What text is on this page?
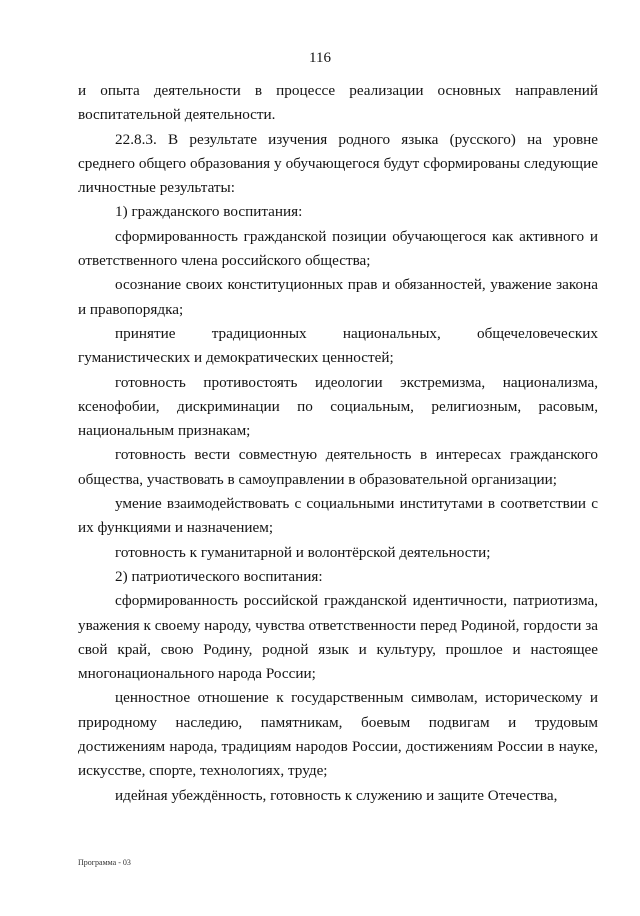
116

и опыта деятельности в процессе реализации основных направлений воспитательной деятельности.

22.8.3. В результате изучения родного языка (русского) на уровне среднего общего образования у обучающегося будут сформированы следующие личностные результаты:

1) гражданского воспитания:

сформированность гражданской позиции обучающегося как активного и ответственного члена российского общества;

осознание своих конституционных прав и обязанностей, уважение закона и правопорядка;

принятие традиционных национальных, общечеловеческих гуманистических и демократических ценностей;

готовность противостоять идеологии экстремизма, национализма, ксенофобии, дискриминации по социальным, религиозным, расовым, национальным признакам;

готовность вести совместную деятельность в интересах гражданского общества, участвовать в самоуправлении в образовательной организации;

умение взаимодействовать с социальными институтами в соответствии с их функциями и назначением;

готовность к гуманитарной и волонтёрской деятельности;

2) патриотического воспитания:

сформированность российской гражданской идентичности, патриотизма, уважения к своему народу, чувства ответственности перед Родиной, гордости за свой край, свою Родину, родной язык и культуру, прошлое и настоящее многонационального народа России;

ценностное отношение к государственным символам, историческому и природному наследию, памятникам, боевым подвигам и трудовым достижениям народа, традициям народов России, достижениям России в науке, искусстве, спорте, технологиях, труде;

идейная убеждённость, готовность к служению и защите Отечества,

Программа - 03
